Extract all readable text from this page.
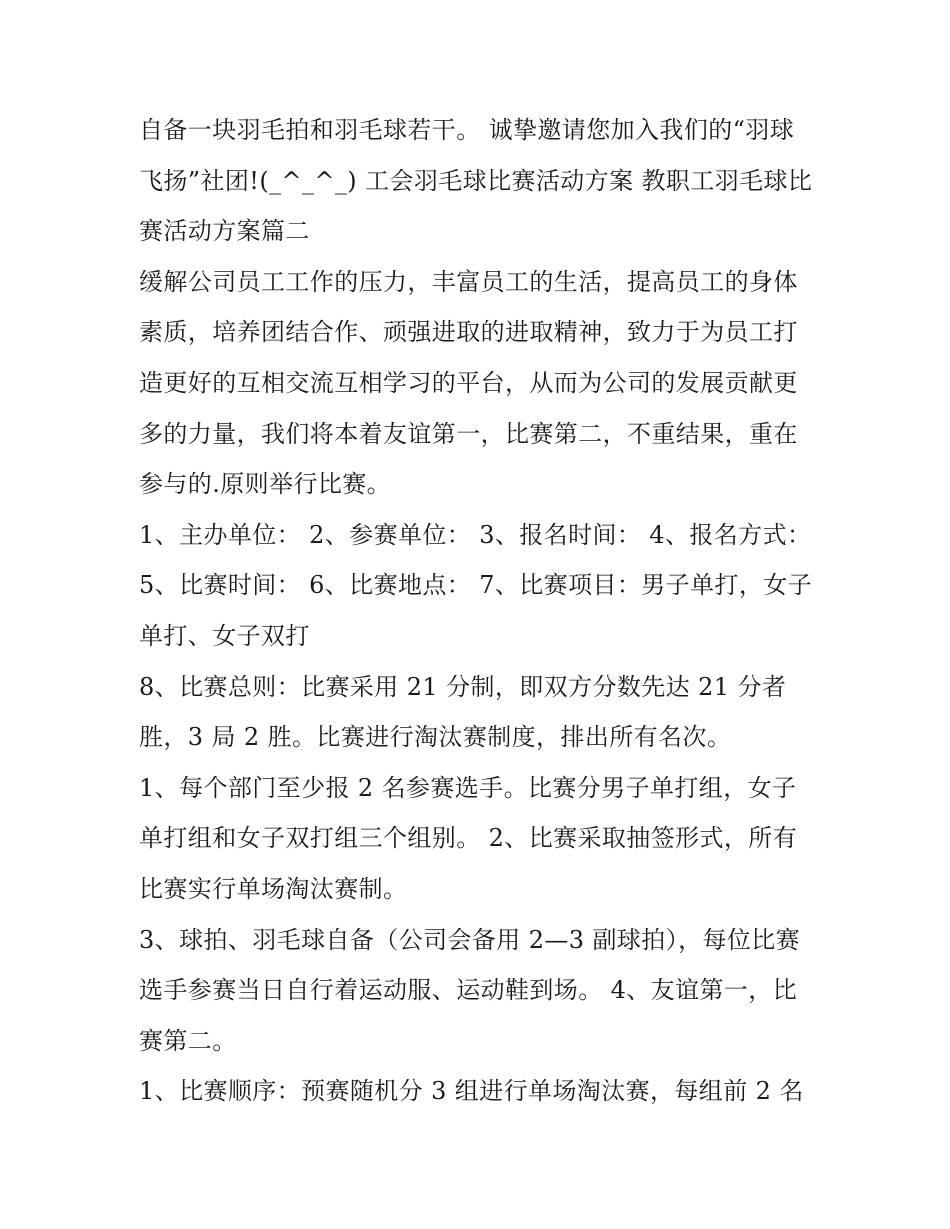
自备一块羽毛拍和羽毛球若干。 诚挚邀请您加入我们的“羽球
飞扬”社团!(_^_^_) 工会羽毛球比赛活动方案 教职工羽毛球比
赛活动方案篇二
缓解公司员工工作的压力，丰富员工的生活，提高员工的身体
素质，培养团结合作、顽强进取的进取精神，致力于为员工打
造更好的互相交流互相学习的平台，从而为公司的发展贡献更
多的力量，我们将本着友谊第一，比赛第二，不重结果，重在
参与的.原则举行比赛。
1、主办单位： 2、参赛单位： 3、报名时间： 4、报名方式：
5、比赛时间： 6、比赛地点： 7、比赛项目：男子单打，女子
单打、女子双打
8、比赛总则：比赛采用 21 分制，即双方分数先达 21 分者
胜，3 局 2 胜。比赛进行淘汰赛制度，排出所有名次。
1、每个部门至少报 2 名参赛选手。比赛分男子单打组，女子
单打组和女子双打组三个组别。 2、比赛采取抽签形式，所有
比赛实行单场淘汰赛制。
3、球拍、羽毛球自备（公司会备用 2—3 副球拍），每位比赛
选手参赛当日自行着运动服、运动鞋到场。 4、友谊第一，比
赛第二。
1、比赛顺序：预赛随机分 3 组进行单场淘汰赛，每组前 2 名
